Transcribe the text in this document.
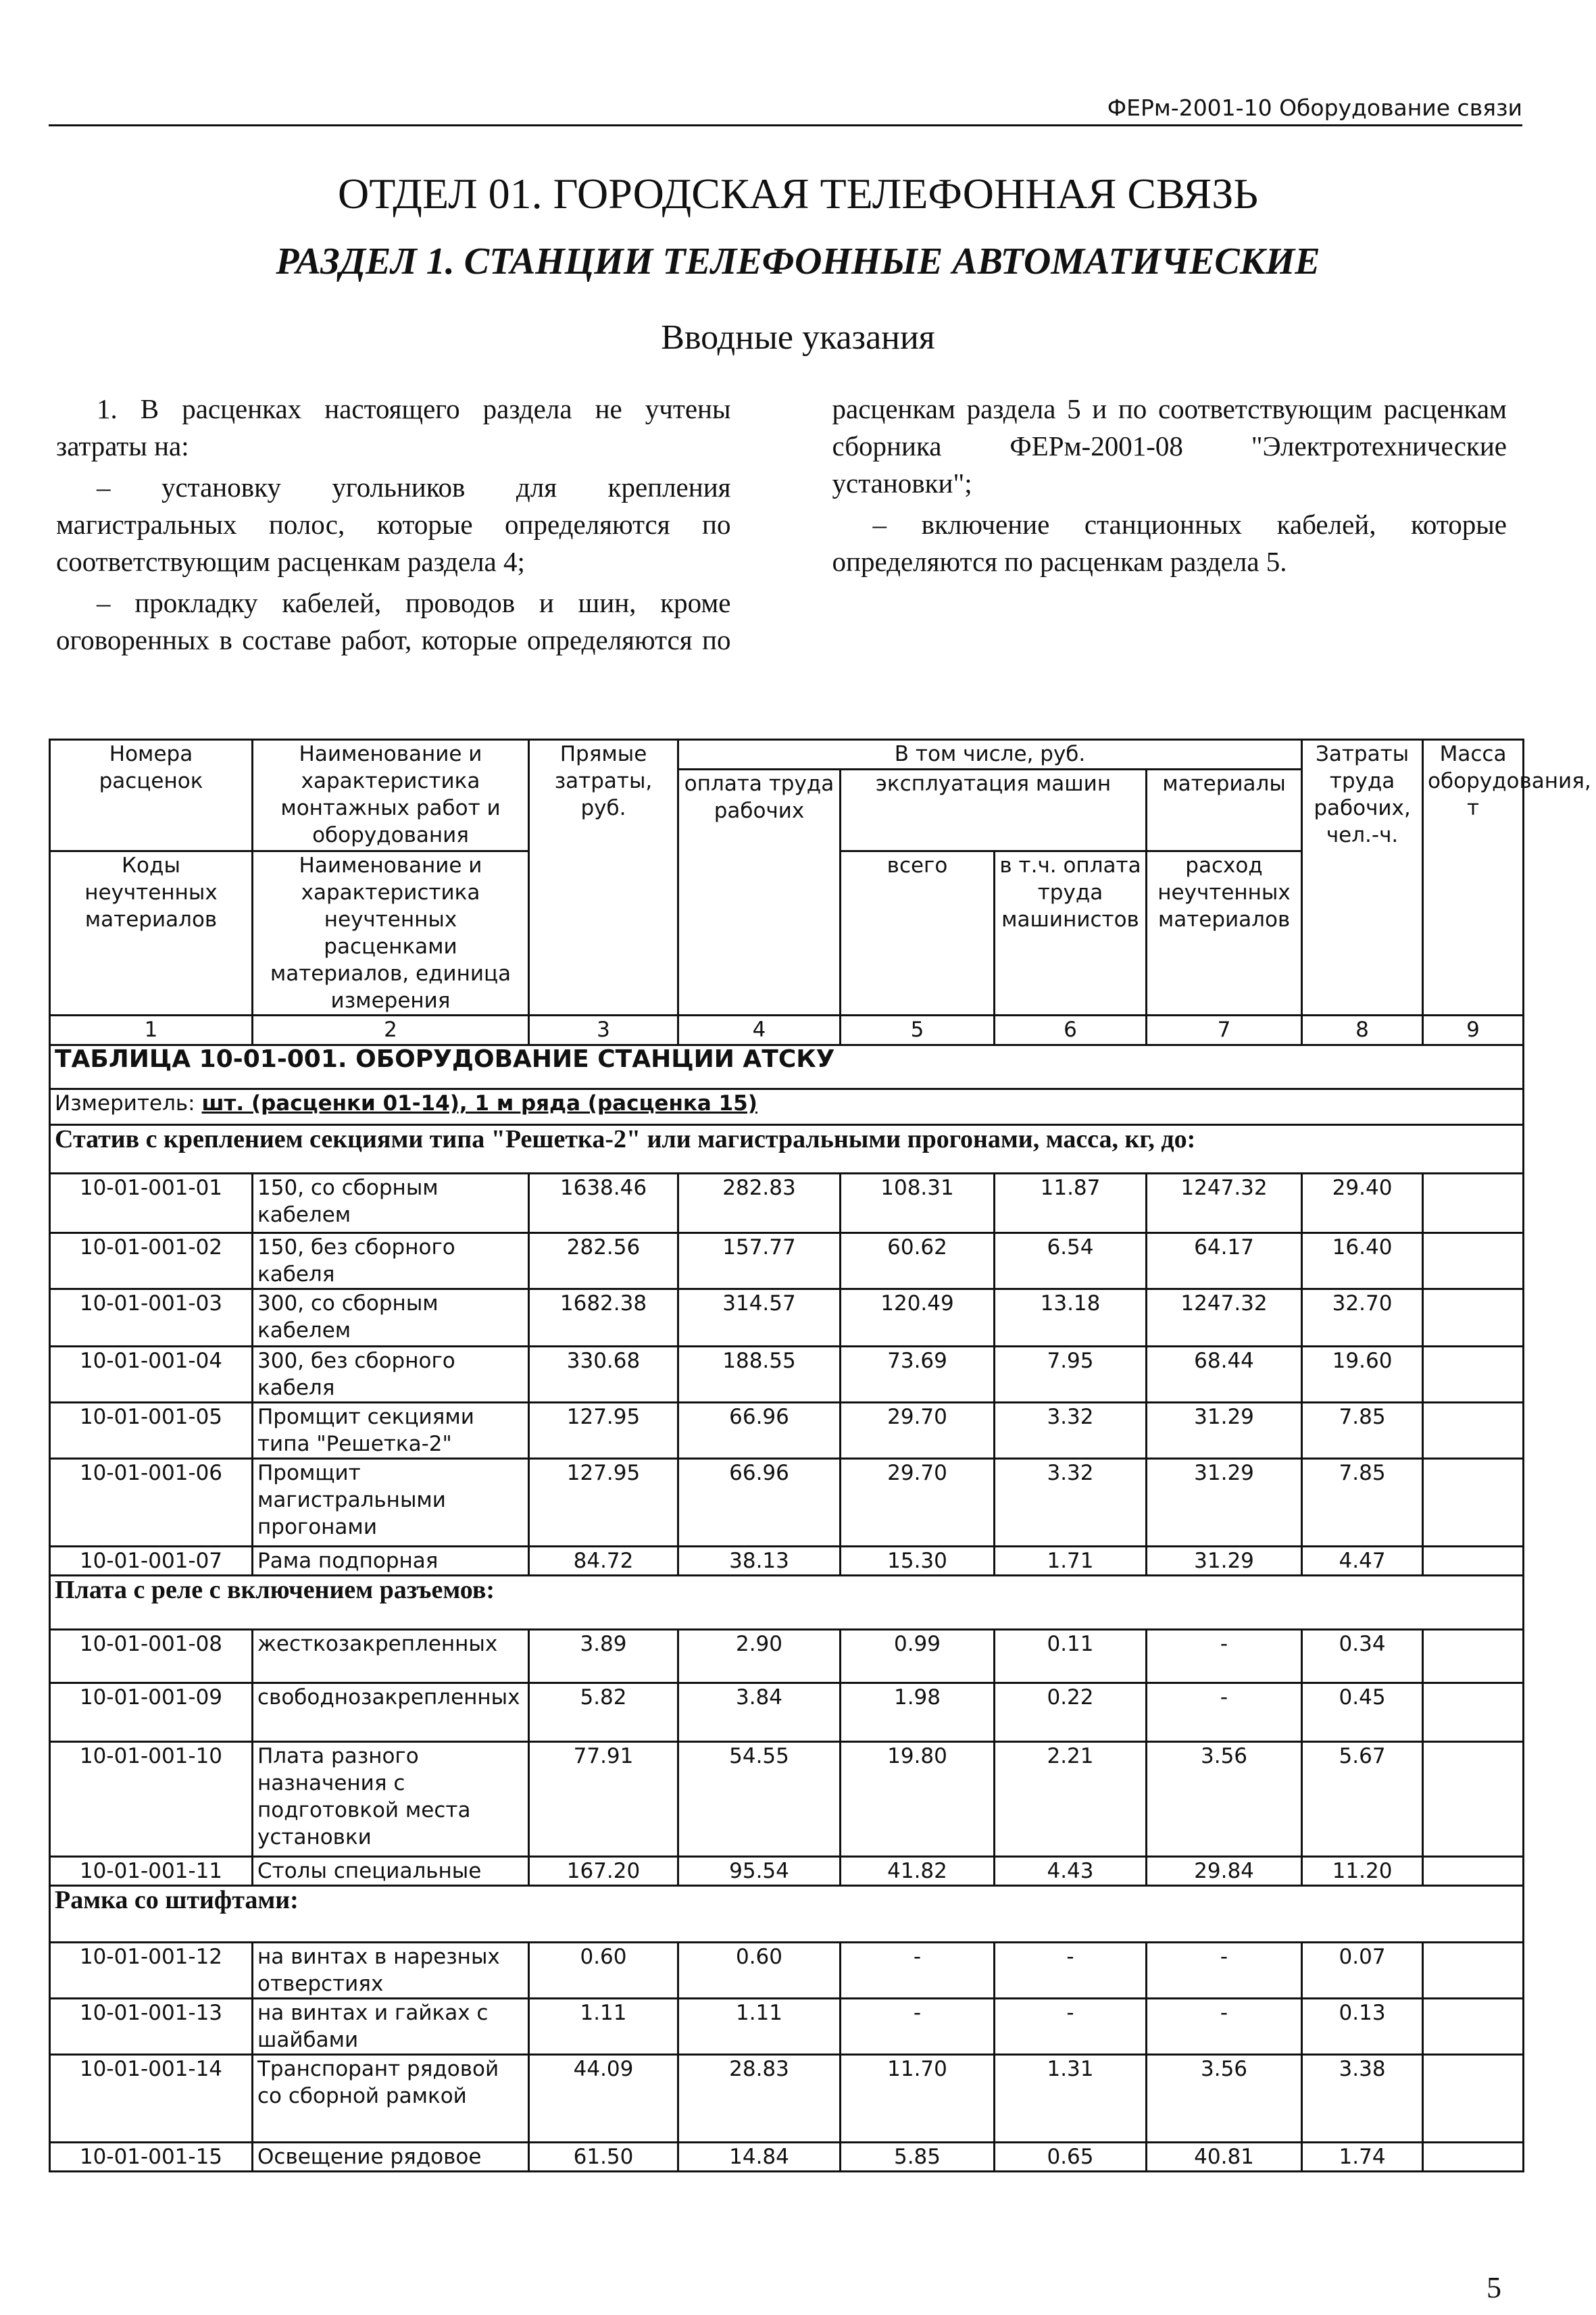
ФЕРм-2001-10 Оборудование связи
ОТДЕЛ 01. ГОРОДСКАЯ ТЕЛЕФОННАЯ СВЯЗЬ
РАЗДЕЛ 1. СТАНЦИИ ТЕЛЕФОННЫЕ АВТОМАТИЧЕСКИЕ
Вводные указания

1. В расценках настоящего раздела не учтены затраты на:

– установку угольников для крепления магистральных полос, которые определяются по соответствующим расценкам раздела 4;

– прокладку кабелей, проводов и шин, кроме оговоренных в составе работ, которые определяются по расценкам раздела 5 и по соответствующим расценкам сборника ФЕРм-2001-08 "Электротехнические установки";

– включение станционных кабелей, которые определяются по расценкам раздела 5.

Номера расценок	Наименование и характеристика монтажных работ и оборудования	Прямые затраты, руб.	В том числе, руб.				Затраты труда рабочих, чел.-ч.	Масса оборудования, т
			оплата труда рабочих	эксплуатация машин		материалы		
Коды неучтенных материалов	Наименование и характеристика неучтенных расценками материалов, единица измерения			всего	в т.ч. оплата труда машинистов	расход неучтенных материалов		
1	2	3	4	5	6	7	8	9
ТАБЛИЦА 10-01-001. ОБОРУДОВАНИЕ СТАНЦИИ АТСКУ								
Измеритель: шт. (расценки 01-14), 1 м ряда (расценка 15)								
Статив с креплением секциями типа "Решетка-2" или магистральными прогонами, масса, кг, до:								
10-01-001-01	150, со сборным кабелем	1638.46	282.83	108.31	11.87	1247.32	29.40	
10-01-001-02	150, без сборного кабеля	282.56	157.77	60.62	6.54	64.17	16.40	
10-01-001-03	300, со сборным кабелем	1682.38	314.57	120.49	13.18	1247.32	32.70	
10-01-001-04	300, без сборного кабеля	330.68	188.55	73.69	7.95	68.44	19.60	
10-01-001-05	Промщит секциями типа "Решетка-2"	127.95	66.96	29.70	3.32	31.29	7.85	
10-01-001-06	Промщит магистральными прогонами	127.95	66.96	29.70	3.32	31.29	7.85	
10-01-001-07	Рама подпорная	84.72	38.13	15.30	1.71	31.29	4.47	
Плата с реле с включением разъемов:								
10-01-001-08	жесткозакрепленных	3.89	2.90	0.99	0.11	-	0.34	
10-01-001-09	свободнозакрепленных	5.82	3.84	1.98	0.22	-	0.45	
10-01-001-10	Плата разного назначения с подготовкой места установки	77.91	54.55	19.80	2.21	3.56	5.67	
10-01-001-11	Столы специальные	167.20	95.54	41.82	4.43	29.84	11.20	
Рамка со штифтами:								
10-01-001-12	на винтах в нарезных отверстиях	0.60	0.60	-	-	-	0.07	
10-01-001-13	на винтах и гайках с шайбами	1.11	1.11	-	-	-	0.13	
10-01-001-14	Транспорант рядовой со сборной рамкой	44.09	28.83	11.70	1.31	3.56	3.38	
10-01-001-15	Освещение рядовое	61.50	14.84	5.85	0.65	40.81	1.74	
5
